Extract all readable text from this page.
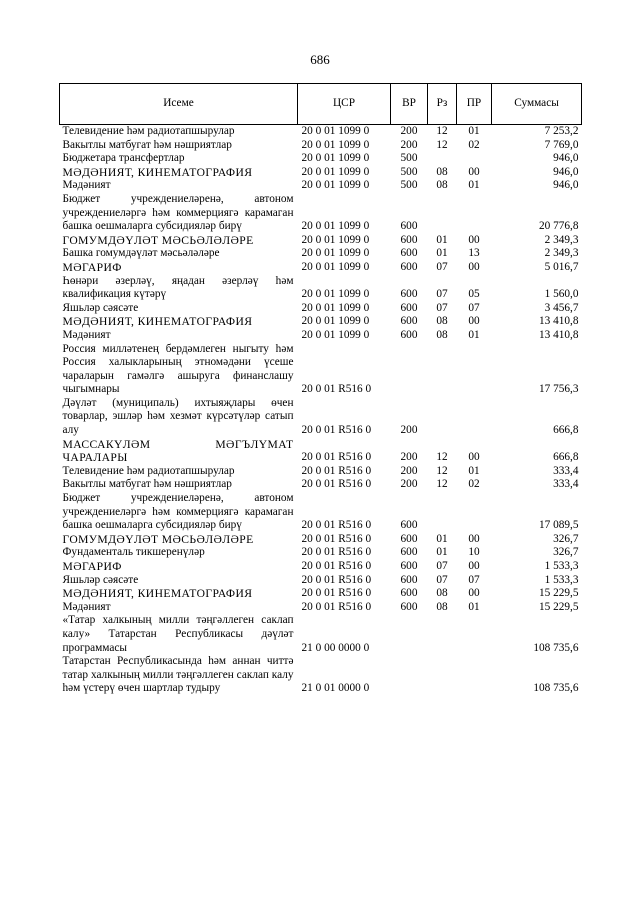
686
Исеме	ЦСР	ВР	Рз	ПР	Суммасы
Телевидение һәм радиотапшырулар	20 0 01 1099 0	200	12	01	7 253,2
Вакытлы матбугат һәм нәшриятлар	20 0 01 1099 0	200	12	02	7 769,0
Бюджетара трансфертлар	20 0 01 1099 0	500			946,0
МӘДӘНИЯТ, КИНЕМАТОГРАФИЯ	20 0 01 1099 0	500	08	00	946,0
Мәдәният	20 0 01 1099 0	500	08	01	946,0
Бюджет учреждениеләренә, автоном учреждениеләргә һәм коммерциягә карамаган башка оешмаларга субсидияләр бирү	20 0 01 1099 0	600			20 776,8
ГОМУМДӘҮЛӘТ МӘСЬӘЛӘЛӘРЕ	20 0 01 1099 0	600	01	00	2 349,3
Башка гомумдәүләт мәсьәләләре	20 0 01 1099 0	600	01	13	2 349,3
МӘГАРИФ	20 0 01 1099 0	600	07	00	5 016,7
Һөнәри әзерләү, яңадан әзерләү һәм квалификация күтәрү	20 0 01 1099 0	600	07	05	1 560,0
Яшьләр сәясәте	20 0 01 1099 0	600	07	07	3 456,7
МӘДӘНИЯТ, КИНЕМАТОГРАФИЯ	20 0 01 1099 0	600	08	00	13 410,8
Мәдәният	20 0 01 1099 0	600	08	01	13 410,8
Россия милләтенең бердәмлеген ныгыту һәм Россия халыкларының этномәдәни үсеше чараларын гамәлгә ашыруга финанслашу чыгымнары	20 0 01 R516 0				17 756,3
Дәүләт (муниципаль) ихтыяҗлары өчен товарлар, эшләр һәм хезмәт күрсәтүләр сатып алу	20 0 01 R516 0	200			666,8
МАССАКҮЛӘМ МӘГЪЛҮМАТ ЧАРАЛАРЫ	20 0 01 R516 0	200	12	00	666,8
Телевидение һәм радиотапшырулар	20 0 01 R516 0	200	12	01	333,4
Вакытлы матбугат һәм нәшриятлар	20 0 01 R516 0	200	12	02	333,4
Бюджет учреждениеләренә, автоном учреждениеләргә һәм коммерциягә карамаган башка оешмаларга субсидияләр бирү	20 0 01 R516 0	600			17 089,5
ГОМУМДӘҮЛӘТ МӘСЬӘЛӘЛӘРЕ	20 0 01 R516 0	600	01	00	326,7
Фундаменталь тикшеренүләр	20 0 01 R516 0	600	01	10	326,7
МӘГАРИФ	20 0 01 R516 0	600	07	00	1 533,3
Яшьләр сәясәте	20 0 01 R516 0	600	07	07	1 533,3
МӘДӘНИЯТ, КИНЕМАТОГРАФИЯ	20 0 01 R516 0	600	08	00	15 229,5
Мәдәният	20 0 01 R516 0	600	08	01	15 229,5
«Татар халкының милли тәңгәллеген саклап калу» Татарстан Республикасы дәүләт программасы	21 0 00 0000 0				108 735,6
Татарстан Республикасында һәм аннан читтә татар халкының милли тәңгәллеген саклап калу һәм үстерү өчен шартлар тудыру	21 0 01 0000 0				108 735,6
